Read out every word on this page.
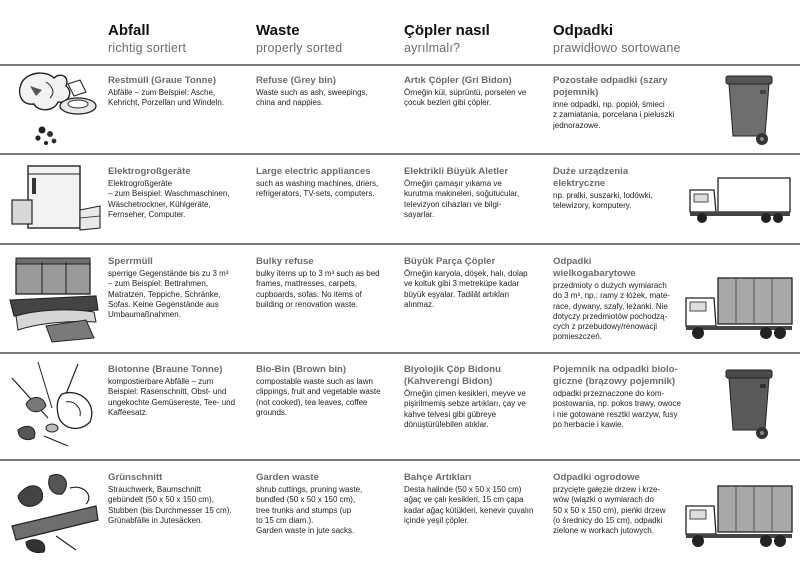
Abfall
richtig sortiert
Waste
properly sorted
Çöpler nasıl
ayrılmalı?
Odpadki
prawidłowo sortowane
Restmüll (Graue Tonne)
Abfälle – zum Beispiel: Asche,
Kehricht, Porzellan und Windeln.
Refuse (Grey bin)
Waste such as ash, sweepings,
china and nappies.
Artık Çöpler (Gri Bidon)
Örneğin kül, süprüntü, porselen ve
çocuk bezleri gibi çöpler.
Pozostałe odpadki (szary
pojemnik)
inne odpadki, np. popiół, śmieci
z zamiatania, porcelana i pieluszki
jednorazowe.
Elektrogroßgeräte
Elektrogroßgeräte
– zum Beispiel: Waschmaschinen,
Wäschetrockner, Kühlgeräte,
Fernseher, Computer.
Large electric appliances
such as washing machines, driers,
refrigerators, TV-sets, computers.
Elektrikli Büyük Aletler
Örneğin çamaşır yıkama ve
kurutma makineleri, soğutucular,
televizyon cihazları ve bilgi-
sayarlar.
Duże urządzenia
elektryczne
np. pralki, suszarki, lodówki,
telewizory, komputery.
Sperrmüll
sperrige Gegenstände bis zu 3 m³
– zum Beispiel: Bettrahmen,
Matratzen, Teppiche, Schränke,
Sofas. Keine Gegenstände aus
Umbaumaßnahmen.
Bulky refuse
bulky items up to 3 m³ such as bed
frames, mattresses, carpets,
cupboards, sofas. No items of
building or renovation waste.
Büyük Parça Çöpler
Örneğin karyola, döşek, halı, dolap
ve koltuk gibi 3 metreküpe kadar
büyük eşyalar. Tadilât artıkları
alınmaz.
Odpadki
wielkogabarytowe
przedmioty o dużych wymiarach
do 3 m³, np.: ramy z łóżek, mate-
race, dywany, szafy, leżanki. Nie
dotyczy przedmiotów pochodzą-
cych z przebudowy/renowacji
pomieszczeń.
Biotonne (Braune Tonne)
kompostierbare Abfälle – zum
Beispiel: Rasenschnitt, Obst- und
ungekochte Gemüsereste, Tee- und
Kaffeesatz.
Bio-Bin (Brown bin)
compostable waste such as lawn
clippings, fruit and vegetable waste
(not cooked), tea leaves, coffee
grounds.
Biyolojik Çöp Bidonu
(Kahverengi Bidon)
Örneğin çimen kesikleri, meyve ve
pişirilmemiş sebze artıkları, çay ve
kahve telvesi gibi gübreye
dönüştürülebilen atıklar.
Pojemnik na odpadki biolo-
giczne (brązowy pojemnik)
odpadki przeznaczone do kom-
postowania, np. pokos trawy, owoce
i nie gotowane resztki warzyw, fusy
po herbacie i kawie.
Grünschnitt
Strauchwerk, Baumschnitt
gebündelt (50 x 50 x 150 cm),
Stubben (bis Durchmesser 15 cm).
Grünabfälle in Jutesäcken.
Garden waste
shrub cuttings, pruning waste,
bundled (50 x 50 x 150 cm),
tree trunks and stumps (up
to 15 cm diam.).
Garden waste in jute sacks.
Bahçe Artıkları
Desta halinde (50 x 50 x 150 cm)
ağaç ve çalı kesikleri, 15 cm çapa
kadar ağaç kütükleri, kenevir çuvalın
içinde yeşil çöpler.
Odpadki ogrodowe
przycięte gałęzie drzew i krze-
wów (wiązki o wymiarach do
50 x 50 x 150 cm), pieńki drzew
(o średnicy do 15 cm), odpadki
zielone w workach jutowych.
